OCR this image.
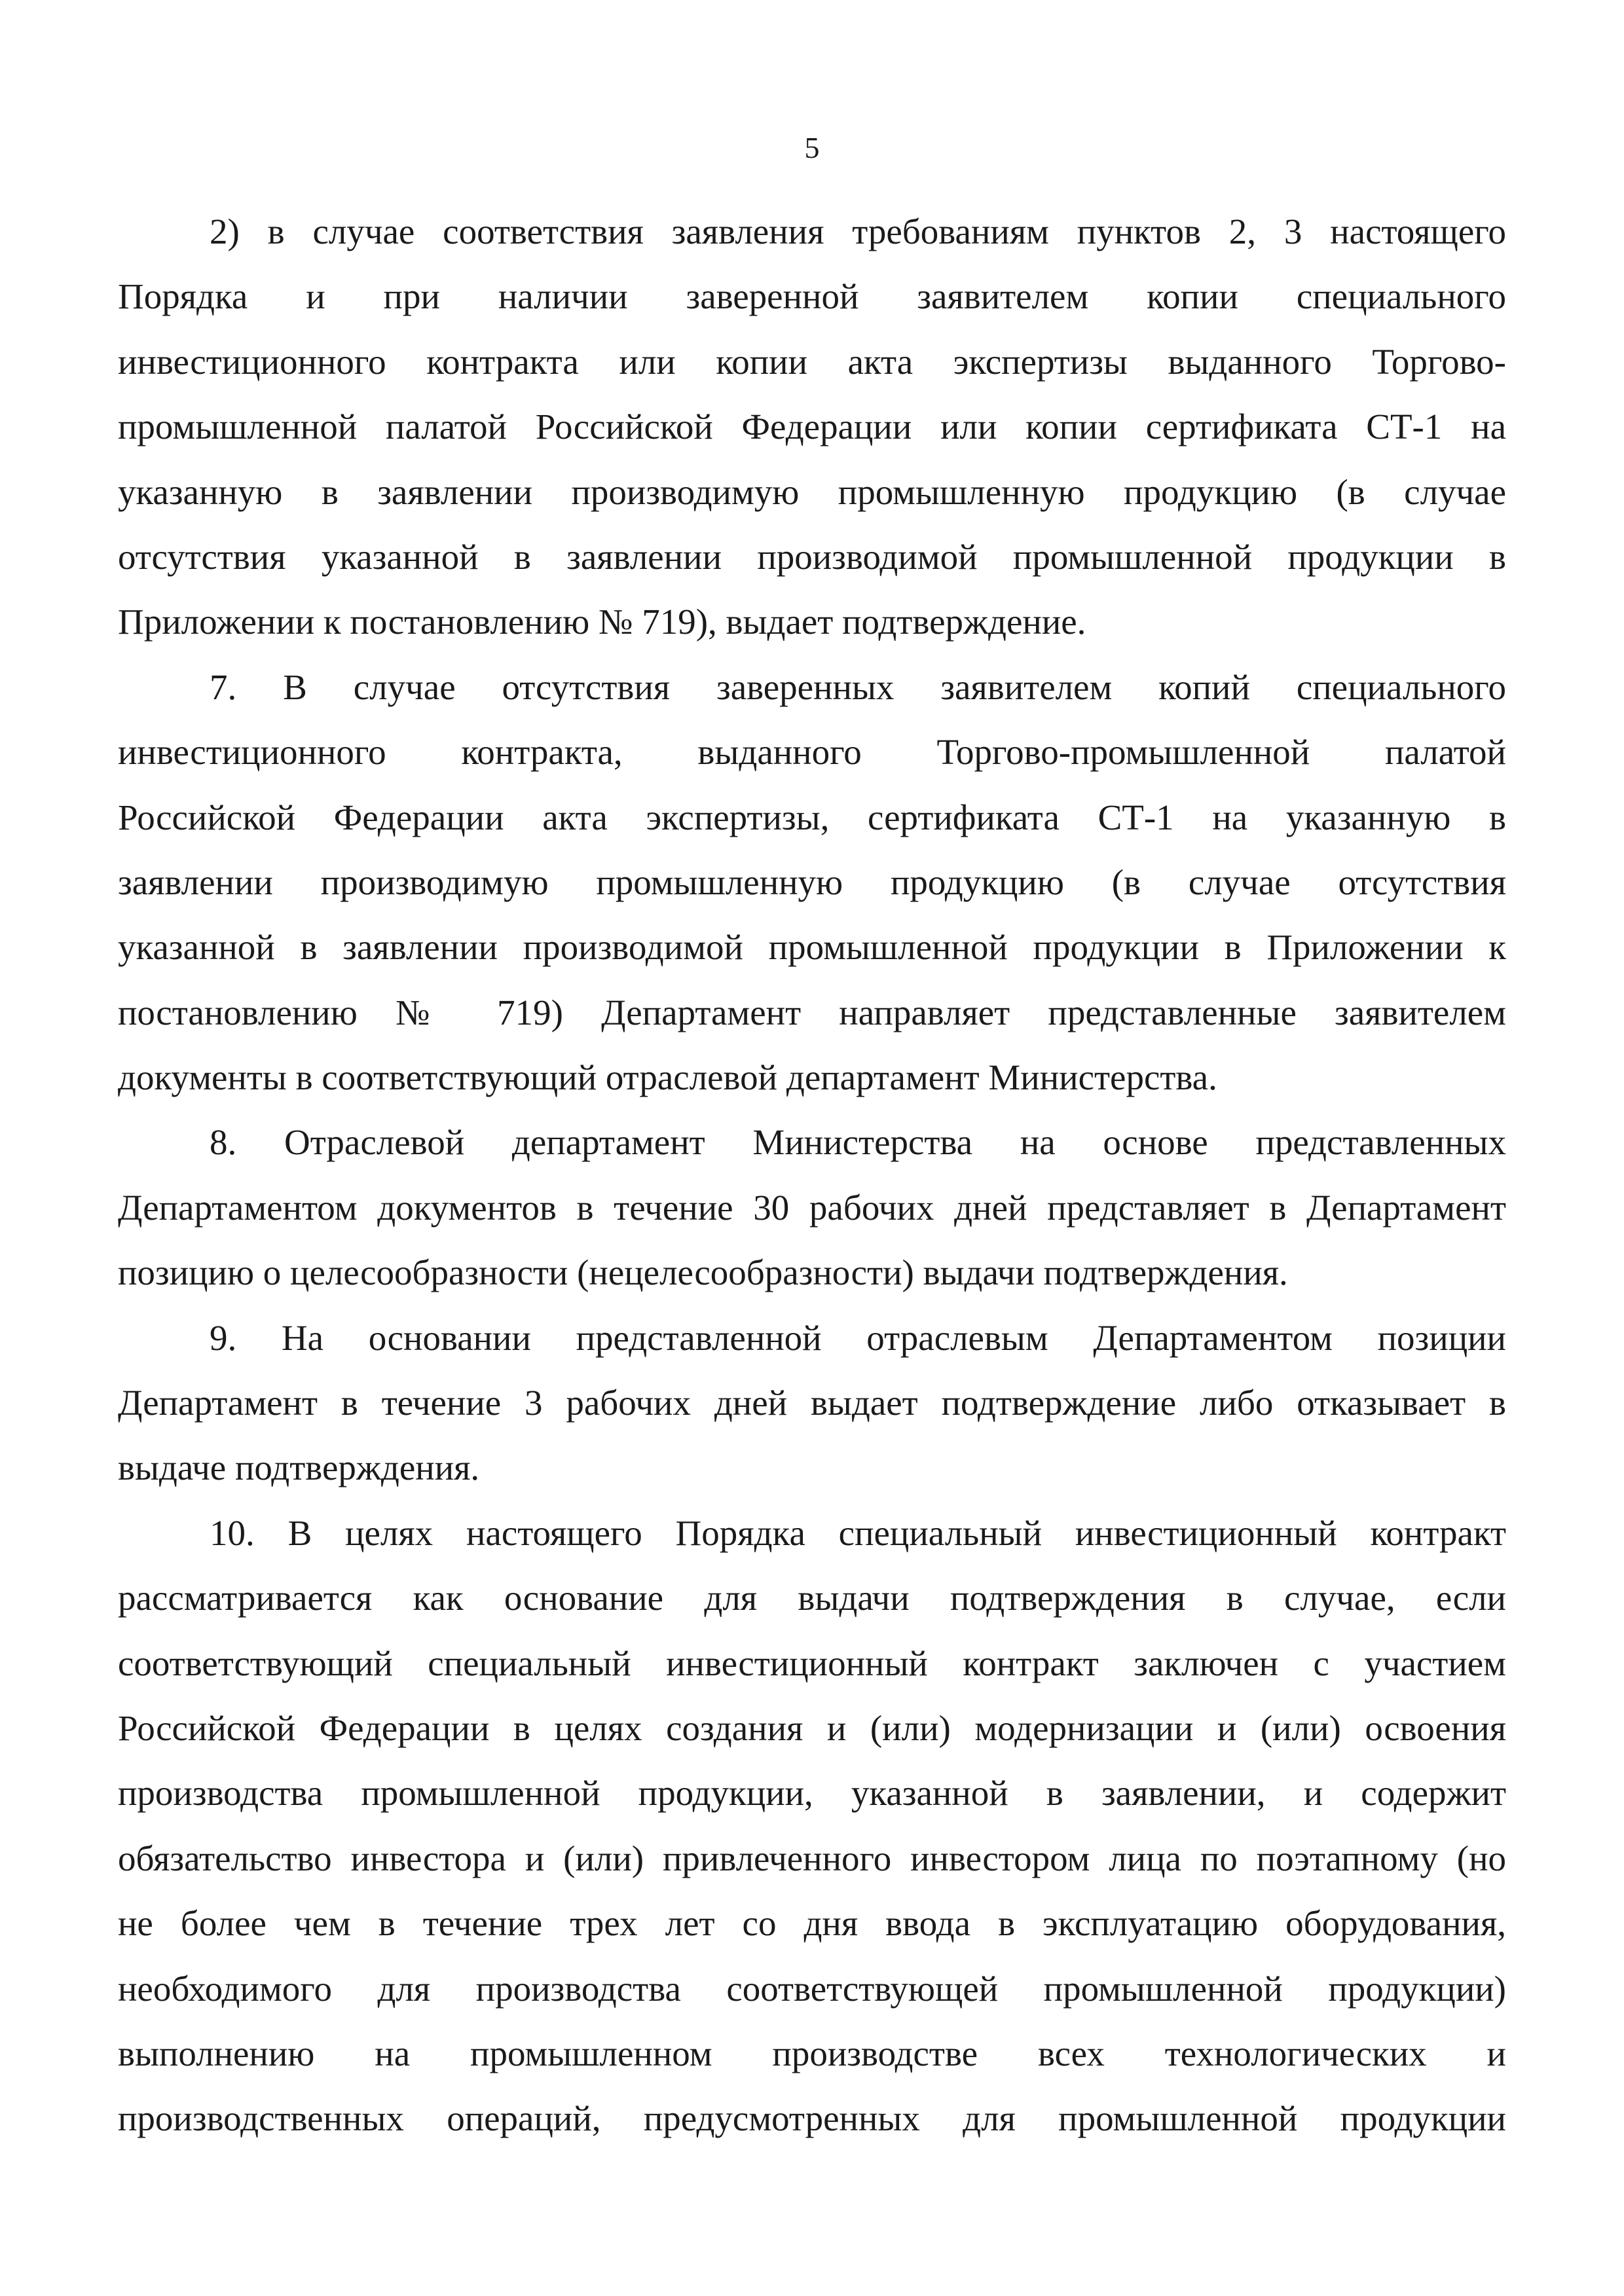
5
2) в случае соответствия заявления требованиям пунктов 2, 3 настоящего
Порядка и при наличии заверенной заявителем копии специального
инвестиционного контракта или копии акта экспертизы выданного Торгово-
промышленной палатой Российской Федерации или копии сертификата СТ-1 на
указанную в заявлении производимую промышленную продукцию (в случае
отсутствия указанной в заявлении производимой промышленной продукции в
Приложении к постановлению № 719), выдает подтверждение.
7. В случае отсутствия заверенных заявителем копий специального
инвестиционного контракта, выданного Торгово-промышленной палатой
Российской Федерации акта экспертизы, сертификата СТ-1 на указанную в
заявлении производимую промышленную продукцию (в случае отсутствия
указанной в заявлении производимой промышленной продукции в Приложении к
постановлению № 719) Департамент направляет представленные заявителем
документы в соответствующий отраслевой департамент Министерства.
8. Отраслевой департамент Министерства на основе представленных
Департаментом документов в течение 30 рабочих дней представляет в Департамент
позицию о целесообразности (нецелесообразности) выдачи подтверждения.
9. На основании представленной отраслевым Департаментом позиции
Департамент в течение 3 рабочих дней выдает подтверждение либо отказывает в
выдаче подтверждения.
10. В целях настоящего Порядка специальный инвестиционный контракт
рассматривается как основание для выдачи подтверждения в случае, если
соответствующий специальный инвестиционный контракт заключен с участием
Российской Федерации в целях создания и (или) модернизации и (или) освоения
производства промышленной продукции, указанной в заявлении, и содержит
обязательство инвестора и (или) привлеченного инвестором лица по поэтапному (но
не более чем в течение трех лет со дня ввода в эксплуатацию оборудования,
необходимого для производства соответствующей промышленной продукции)
выполнению на промышленном производстве всех технологических и
производственных операций, предусмотренных для промышленной продукции
